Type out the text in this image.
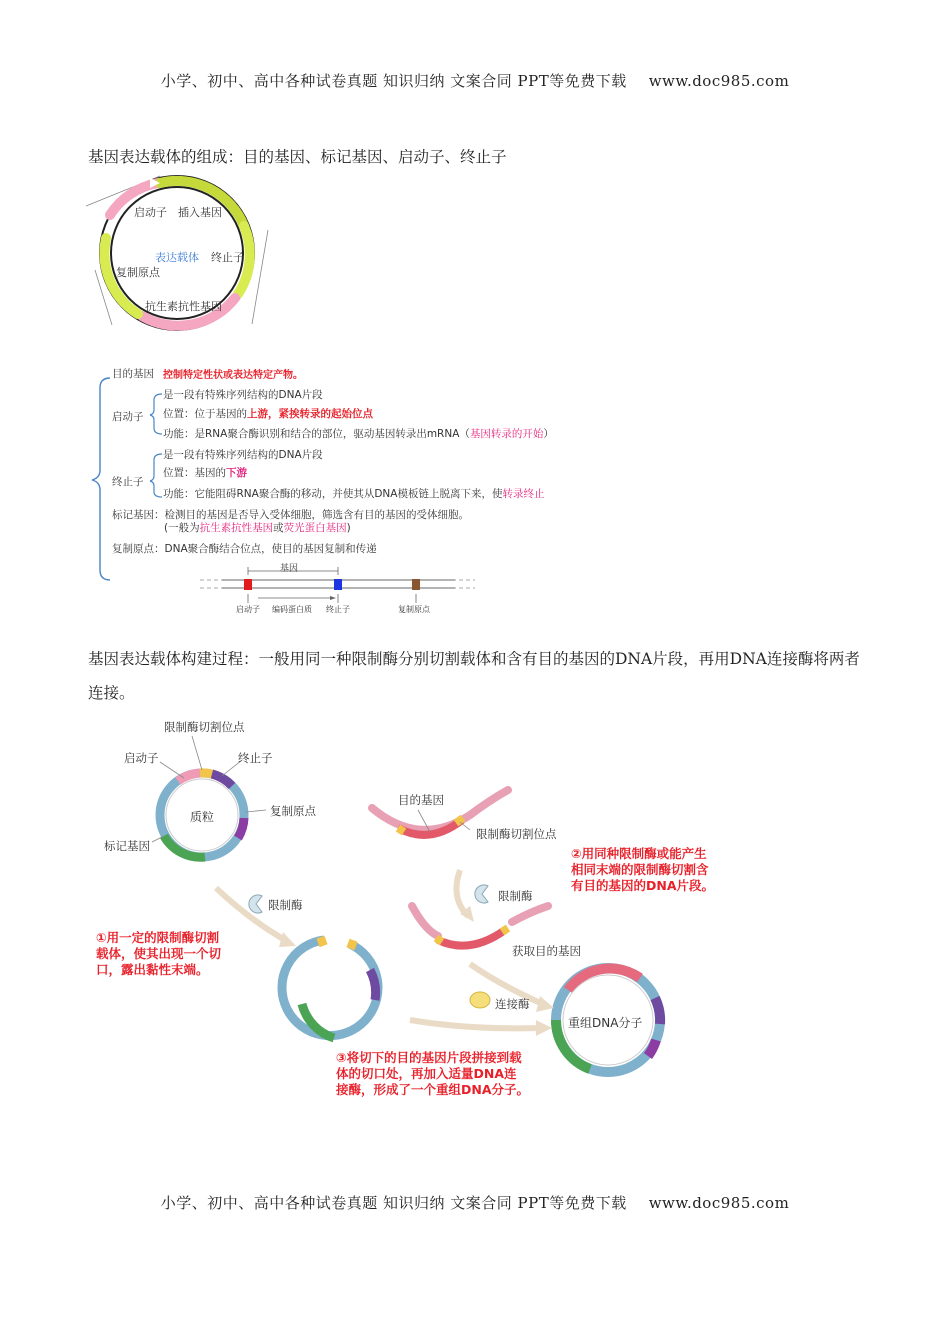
小学、初中、高中各种试卷真题 知识归纳 文案合同 PPT等免费下载 www.doc985.com
基因表达载体的组成：目的基因、标记基因、启动子、终止子
启动子 插入基因
表达载体 终止子
复制原点
抗生素抗性基因
目的基因 控制特定性状或表达特定产物。
启动子
是一段有特殊序列结构的DNA片段
位置：位于基因的上游，紧挨转录的起始位点
功能：是RNA聚合酶识别和结合的部位，驱动基因转录出mRNA（基因转录的开始）
终止子
是一段有特殊序列结构的DNA片段
位置：基因的下游
功能：它能阻碍RNA聚合酶的移动，并使其从DNA模板链上脱离下来，使转录终止
标记基因：检测目的基因是否导入受体细胞，筛选含有目的基因的受体细胞。
(一般为抗生素抗性基因或荧光蛋白基因)
复制原点：DNA聚合酶结合位点，使目的基因复制和传递
基因
启动子 编码蛋白质 终止子	复制原点
基因表达载体构建过程：一般用同一种限制酶分别切割载体和含有目的基因的DNA片段，再用DNA连接酶将两者连接。
限制酶切割位点
启动子	终止子
质粒	复制原点
标记基因
目的基因
限制酶切割位点
限制酶
限制酶
获取目的基因
连接酶
重组DNA分子
②用同种限制酶或能产生
相同末端的限制酶切割含
有目的基因的DNA片段。
①用一定的限制酶切割
载体，使其出现一个切
口，露出黏性末端。
③将切下的目的基因片段拼接到载
体的切口处，再加入适量DNA连
接酶，形成了一个重组DNA分子。
小学、初中、高中各种试卷真题 知识归纳 文案合同 PPT等免费下载 www.doc985.com
